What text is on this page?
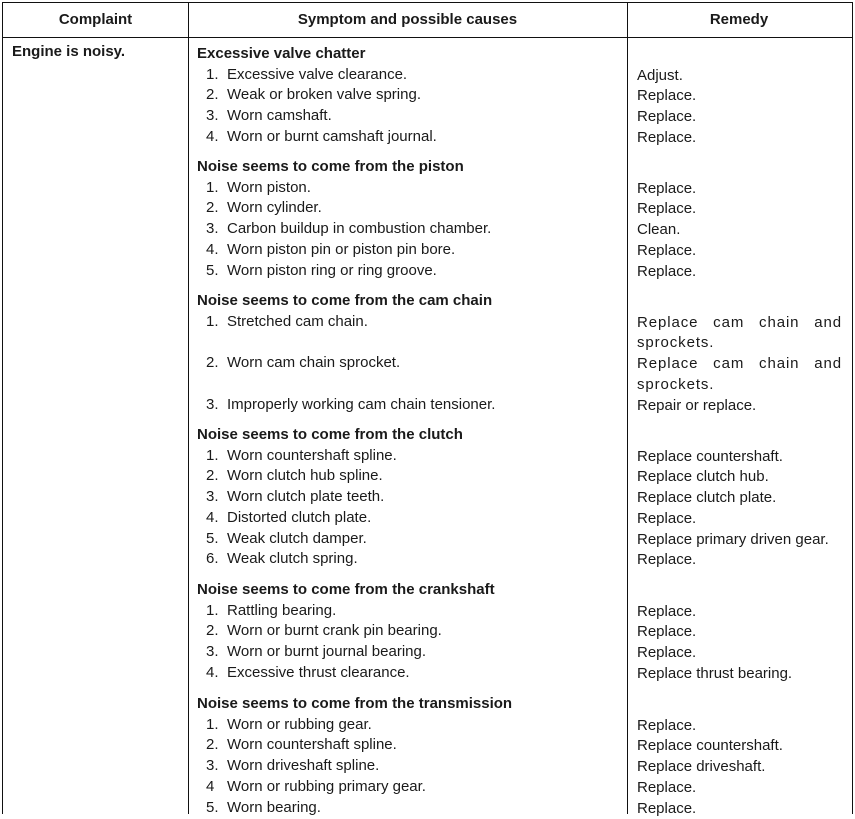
Complaint	Symptom and possible causes	Remedy
Engine is noisy.	Excessive valve chatter
1. Excessive valve clearance.	Adjust.
2. Weak or broken valve spring.	Replace.
3. Worn camshaft.	Replace.
4. Worn or burnt camshaft journal.	Replace.
Noise seems to come from the piston
1. Worn piston.	Replace.
2. Worn cylinder.	Replace.
3. Carbon buildup in combustion chamber.	Clean.
4. Worn piston pin or piston pin bore.	Replace.
5. Worn piston ring or ring groove.	Replace.
Noise seems to come from the cam chain
1. Stretched cam chain.	Replace cam chain and sprockets.
2. Worn cam chain sprocket.	Replace cam chain and sprockets.
3. Improperly working cam chain tensioner.	Repair or replace.
Noise seems to come from the clutch
1. Worn countershaft spline.	Replace countershaft.
2. Worn clutch hub spline.	Replace clutch hub.
3. Worn clutch plate teeth.	Replace clutch plate.
4. Distorted clutch plate.	Replace.
5. Weak clutch damper.	Replace primary driven gear.
6. Weak clutch spring.	Replace.
Noise seems to come from the crankshaft
1. Rattling bearing.	Replace.
2. Worn or burnt crank pin bearing.	Replace.
3. Worn or burnt journal bearing.	Replace.
4. Excessive thrust clearance.	Replace thrust bearing.
Noise seems to come from the transmission
1. Worn or rubbing gear.	Replace.
2. Worn countershaft spline.	Replace countershaft.
3. Worn driveshaft spline.	Replace driveshaft.
4 Worn or rubbing primary gear.	Replace.
5. Worn bearing.	Replace.
